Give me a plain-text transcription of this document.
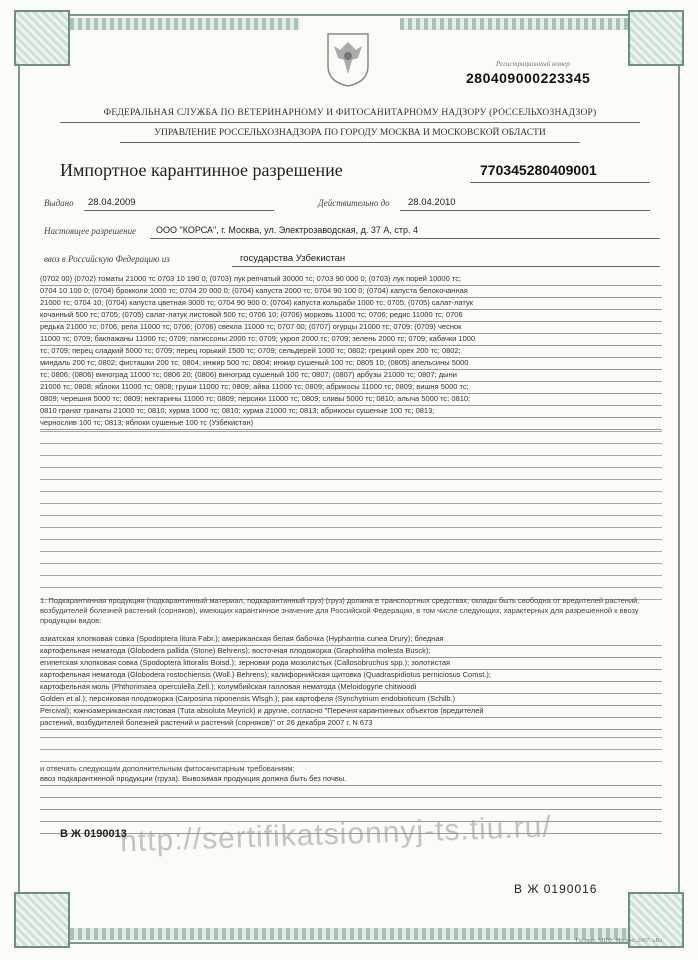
Регистрационный номер
280409000223345
ФЕДЕРАЛЬНАЯ СЛУЖБА ПО ВЕТЕРИНАРНОМУ И ФИТОСАНИТАРНОМУ НАДЗОРУ (РОССЕЛЬХОЗНАДЗОР)
УПРАВЛЕНИЕ РОССЕЛЬХОЗНАДЗОРА ПО ГОРОДУ МОСКВА И МОСКОВСКОЙ ОБЛАСТИ
Импортное карантинное разрешение	770345280409001
Выдано 28.04.2009	Действительно до 28.04.2010
Настоящее разрешение ООО "КОРСА", г. Москва, ул. Электрозаводская, д. 37 А, стр. 4
ввоз в Российскую Федерацию из	государства Узбекистан
(0702 00) (0702) томаты 21000 тс 0703 10 190 0; (0703) лук репчатый 30000 тс; 0703 90 000 0; (0703) лук порей 10000 тс;
0704 10 100 0; (0704) брокколи 1000 тс; 0704 20 000 0; (0704) капуста 2000 тс; 0704 90 100 0; (0704) капуста белокочанная
21000 тс; 0704 10; (0704) капуста цветная 3000 тс; 0704 90 900 0; (0704) капуста кольраби 1000 тс; 0705; (0705) салат-латук
кочанный 500 тс; 0705; (0705) салат-латук листовой 500 тс; 0706 10; (0706) морковь 11000 тс; 0706; редис 11000 тс; 0706
редька 21000 тс; 0706; репа 11000 тс; 0706; (0706) свекла 11000 тс; 0707 00; (0707) огурцы 21000 тс; 0709; (0709) чеснок
11000 тс; 0709; баклажаны 11000 тс; 0709; патиссоны 2000 тс; 0709; укроп 2000 тс; 0709; зелень 2000 тс; 0709; кабачки 1000
тс; 0709; перец сладкий 5000 тс; 0709; перец горький 1500 тс; 0709; сельдерей 1000 тс; 0802; грецкий орех 200 тс; 0802;
миндаль 200 тс; 0802; фисташки 200 тс; 0804; инжир 500 тс; 0804; инжир сушеный 100 тс; 0805 10; (0805) апельсины 5000
тс; 0806; (0806) виноград 11000 тс; 0806 20; (0806) виноград сушеный 100 тс; 0807; (0807) арбузы 21000 тс; 0807; дыни
21000 тс; 0808; яблоки 11000 тс; 0808; груши 11000 тс; 0809; айва 11000 тс; 0809; абрикосы 11000 тс; 0809; вишня 5000 тс;
0809; черешня 5000 тс; 0809; нектарины 11000 тс; 0809; персики 11000 тс; 0809; сливы 5000 тс; 0810; алыча 5000 тс; 0810;
0810 гранат гранаты 21000 тс; 0810; хурма 1000 тс; 0810; хурма 21000 тс; 0813; абрикосы сушеные 100 тс; 0813;
чернослив 100 тс; 0813; яблоки сушеные 100 тс (Узбекистан)
1. Подкарантинная продукция (подкарантинный материал, подкарантинный груз) (груз) должна в транспортных средствах, склады быть свободна от вредителей растений, возбудителей болезней растений (сорняков), имеющих карантинное значение для Российской Федерации, в том числе следующих, характерных для разрешенной к ввозу продукции видов:
азиатская хлопковая совка (Spodoptera litura Fabr.); американская белая бабочка (Hyphantria cunea Drury); бледная
картофельная нематода (Globodera pallida (Stone) Behrens); восточная плодожорка (Grapholitha molesta Busck);
египетская хлопковая совка (Spodoptera littoralis Boisd.); зерновки рода мозолистых (Callosobruchus spp.); золотистая
картофельная нематода (Globodera rostochiensis (Woll.) Behrens); калифорнийская щитовка (Quadraspidiotus perniciosus Comst.);
картофельная моль (Phthorimaea operculella Zell.); колумбийская галловая нематода (Meloidogyne chitwoodi
Golden et al.); персиковая плодожорка (Carposina niponensis Wlsgh.); рак картофеля (Synchytrium endobioticum (Schilb.)
Percival); южноамериканская листовая (Tuta absoluta Meyrick) и другие, согласно "Перечня карантинных объектов (вредителей
растений, возбудителей болезней растений и растений (сорняков)" от 26 декабря 2007 г. N 673
и отвечать следующим дополнительным фитосанитарным требованиям:
ввоз подкарантинной продукции (груза). Вывозимая продукция должна быть без почвы.
http://sertifikatsionnyj-ts.tiu.ru/
В Ж 0190013
В Ж 0190016
Госзнак, МПФ, Москва, 2007. «В»
